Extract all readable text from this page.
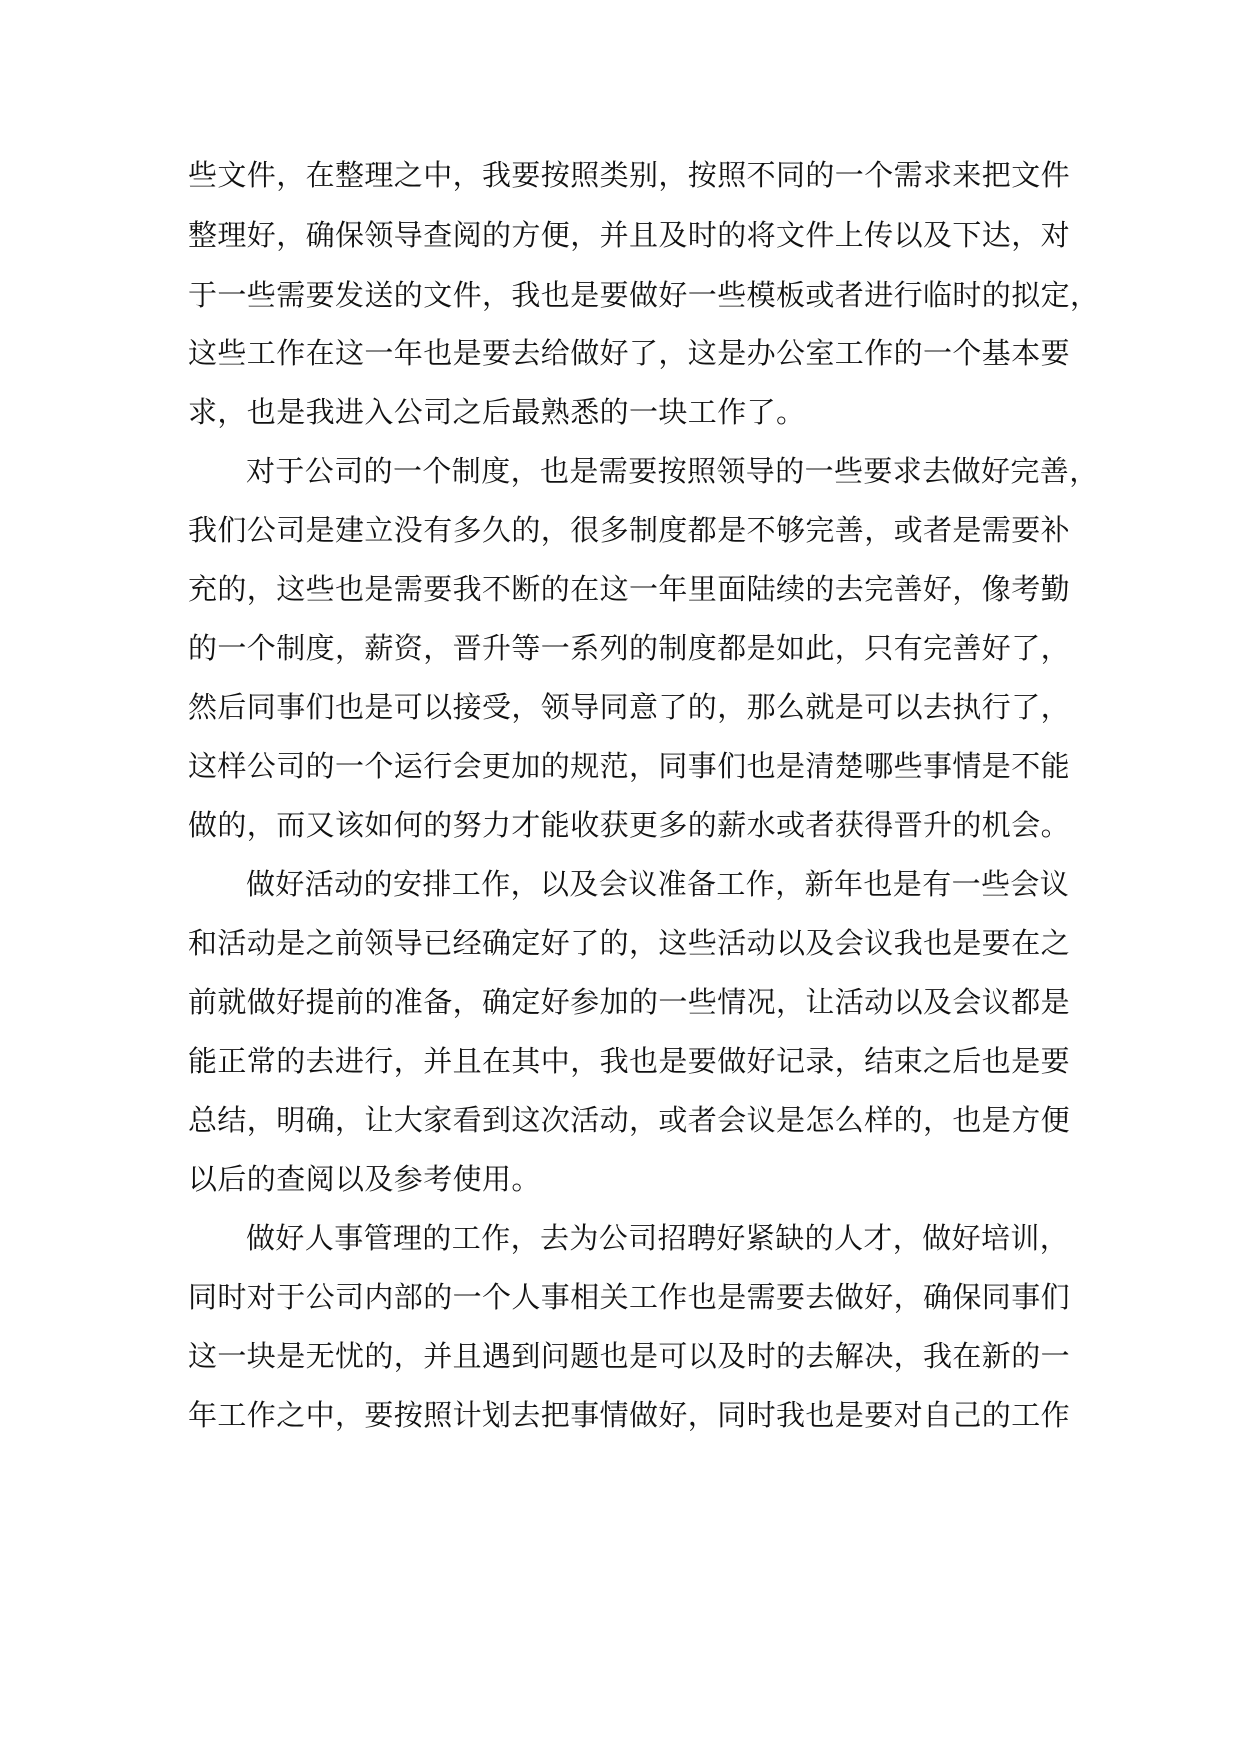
些文件，在整理之中，我要按照类别，按照不同的一个需求来把文件
整理好，确保领导查阅的方便，并且及时的将文件上传以及下达，对
于一些需要发送的文件，我也是要做好一些模板或者进行临时的拟定，
这些工作在这一年也是要去给做好了，这是办公室工作的一个基本要
求，也是我进入公司之后最熟悉的一块工作了。
对于公司的一个制度，也是需要按照领导的一些要求去做好完善，
我们公司是建立没有多久的，很多制度都是不够完善，或者是需要补
充的，这些也是需要我不断的在这一年里面陆续的去完善好，像考勤
的一个制度，薪资，晋升等一系列的制度都是如此，只有完善好了，
然后同事们也是可以接受，领导同意了的，那么就是可以去执行了，
这样公司的一个运行会更加的规范，同事们也是清楚哪些事情是不能
做的，而又该如何的努力才能收获更多的薪水或者获得晋升的机会。
做好活动的安排工作，以及会议准备工作，新年也是有一些会议
和活动是之前领导已经确定好了的，这些活动以及会议我也是要在之
前就做好提前的准备，确定好参加的一些情况，让活动以及会议都是
能正常的去进行，并且在其中，我也是要做好记录，结束之后也是要
总结，明确，让大家看到这次活动，或者会议是怎么样的，也是方便
以后的查阅以及参考使用。
做好人事管理的工作，去为公司招聘好紧缺的人才，做好培训，
同时对于公司内部的一个人事相关工作也是需要去做好，确保同事们
这一块是无忧的，并且遇到问题也是可以及时的去解决，我在新的一
年工作之中，要按照计划去把事情做好，同时我也是要对自己的工作
